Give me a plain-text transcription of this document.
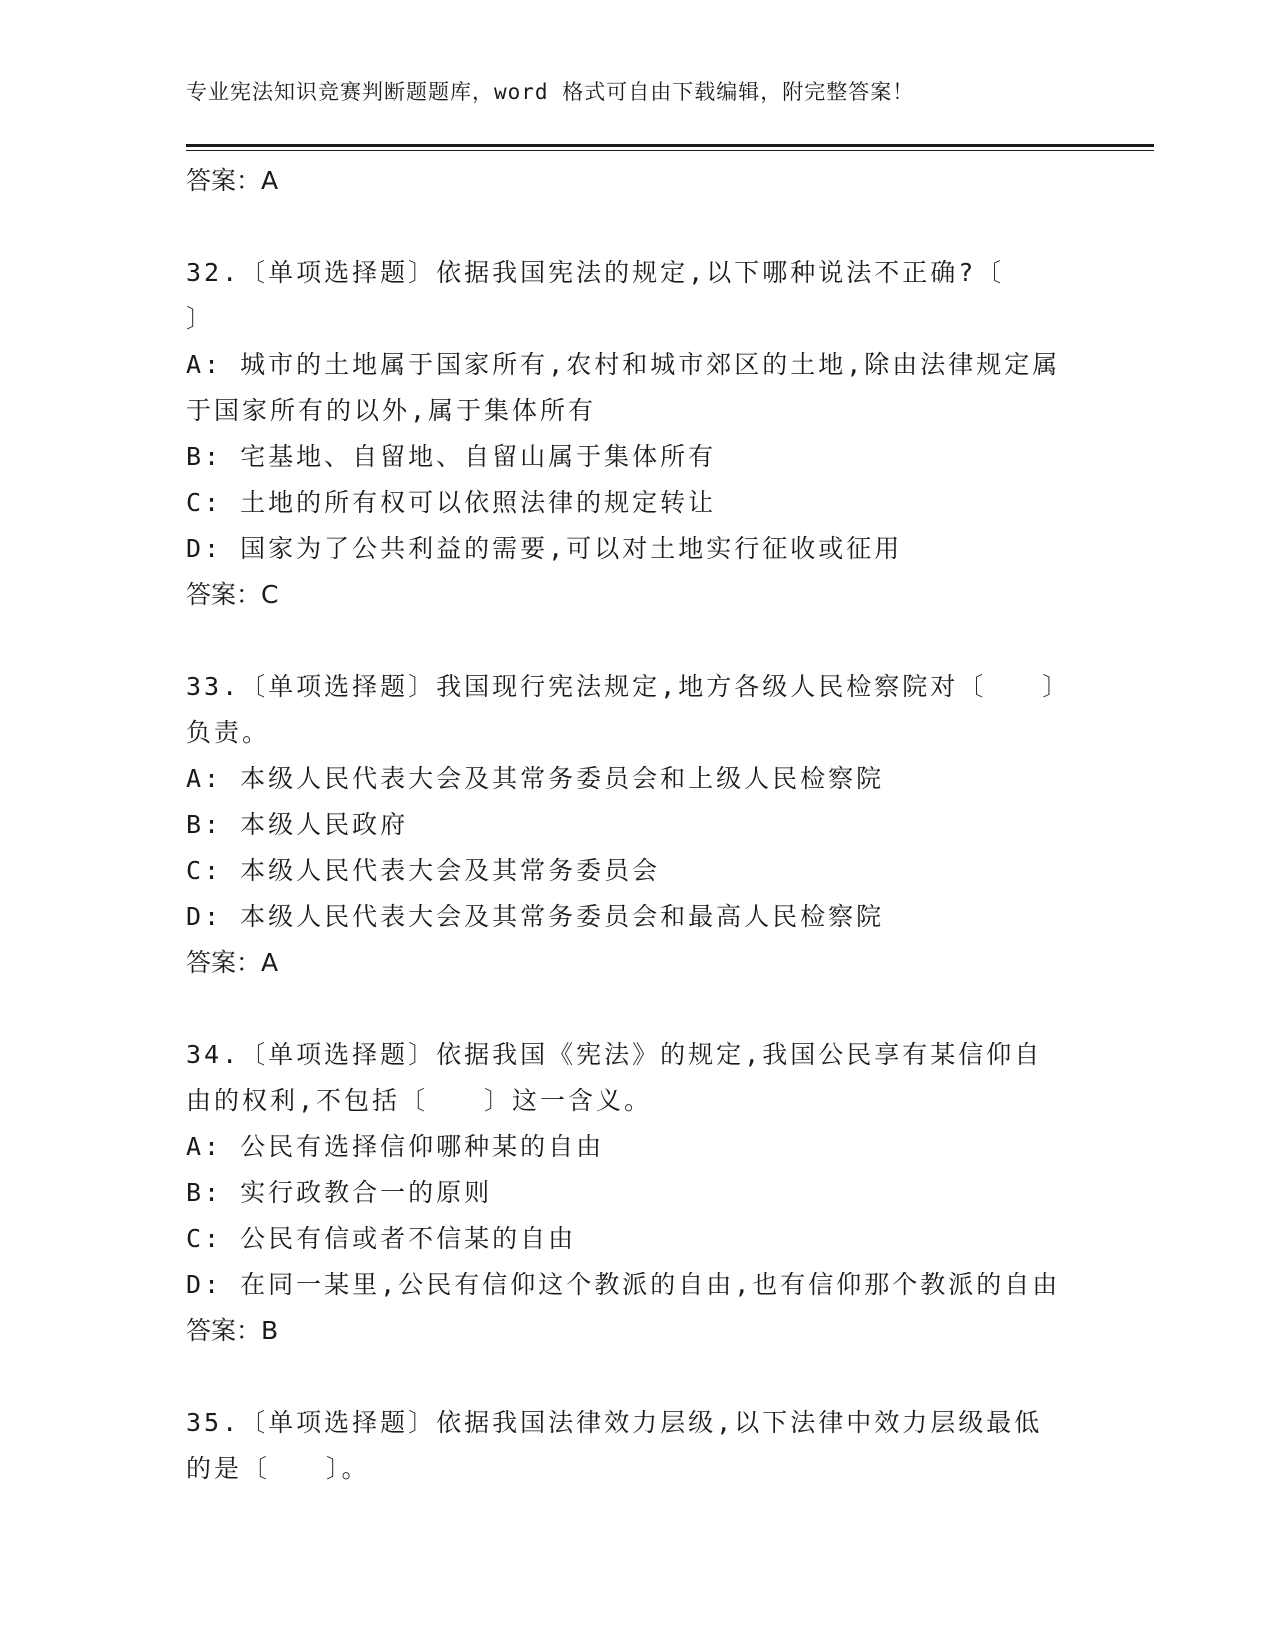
专业宪法知识竞赛判断题题库，word 格式可自由下载编辑，附完整答案！
答案：A
32.〔单项选择题〕依据我国宪法的规定,以下哪种说法不正确?〔
〕
A: 城市的土地属于国家所有,农村和城市郊区的土地,除由法律规定属
于国家所有的以外,属于集体所有
B: 宅基地、自留地、自留山属于集体所有
C: 土地的所有权可以依照法律的规定转让
D: 国家为了公共利益的需要,可以对土地实行征收或征用
答案：C
33.〔单项选择题〕我国现行宪法规定,地方各级人民检察院对〔　　〕
负责。
A: 本级人民代表大会及其常务委员会和上级人民检察院
B: 本级人民政府
C: 本级人民代表大会及其常务委员会
D: 本级人民代表大会及其常务委员会和最高人民检察院
答案：A
34.〔单项选择题〕依据我国《宪法》的规定,我国公民享有某信仰自
由的权利,不包括〔　　〕这一含义。
A: 公民有选择信仰哪种某的自由
B: 实行政教合一的原则
C: 公民有信或者不信某的自由
D: 在同一某里,公民有信仰这个教派的自由,也有信仰那个教派的自由
答案：B
35.〔单项选择题〕依据我国法律效力层级,以下法律中效力层级最低
的是〔　　〕。
